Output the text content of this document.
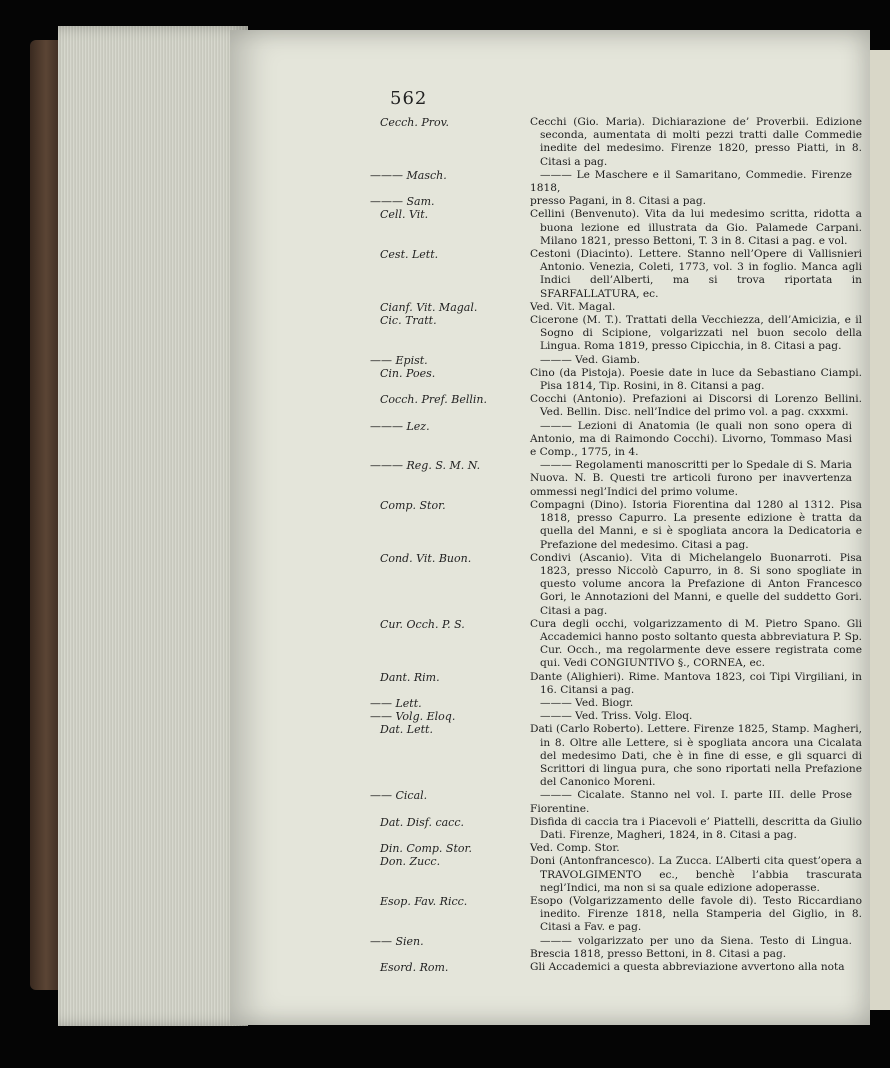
562
Cecch. Prov.	Cecchi (Gio. Maria). Dichiarazione de’ Proverbii. Edizione seconda, aumentata di molti pezzi tratti dalle Commedie inedite del medesimo. Firenze 1820, presso Piatti, in 8. Citasi a pag.
——— Masch.	——— Le Maschere e il Samaritano, Commedie. Firenze 1818,
——— Sam.	presso Pagani, in 8. Citasi a pag.
Cell. Vit.	Cellini (Benvenuto). Vita da lui medesimo scritta, ridotta a buona lezione ed illustrata da Gio. Palamede Carpani. Milano 1821, presso Bettoni, T. 3 in 8. Citasi a pag. e vol.
Cest. Lett.	Cestoni (Diacinto). Lettere. Stanno nell’Opere di Vallisnieri Antonio. Venezia, Coleti, 1773, vol. 3 in foglio. Manca agli Indici dell’Alberti, ma si trova riportata in SFARFALLATURA, ec.
Cianf. Vit. Magal.	Ved. Vit. Magal.
Cic. Tratt.	Cicerone (M. T.). Trattati della Vecchiezza, dell’Amicizia, e il Sogno di Scipione, volgarizzati nel buon secolo della Lingua. Roma 1819, presso Cipicchia, in 8. Citasi a pag.
—— Epist.	——— Ved. Giamb.
Cin. Poes.	Cino (da Pistoja). Poesie date in luce da Sebastiano Ciampi. Pisa 1814, Tip. Rosini, in 8. Citansi a pag.
Cocch. Pref. Bellin.	Cocchi (Antonio). Prefazioni ai Discorsi di Lorenzo Bellini. Ved. Bellin. Disc. nell’Indice del primo vol. a pag. cxxxmi.
——— Lez.	——— Lezioni di Anatomia (le quali non sono opera di Antonio, ma di Raimondo Cocchi). Livorno, Tommaso Masi e Comp., 1775, in 4.
——— Reg. S. M. N.	——— Regolamenti manoscritti per lo Spedale di S. Maria Nuova. N. B. Questi tre articoli furono per inavvertenza ommessi negl’Indici del primo volume.
Comp. Stor.	Compagni (Dino). Istoria Fiorentina dal 1280 al 1312. Pisa 1818, presso Capurro. La presente edizione è tratta da quella del Manni, e si è spogliata ancora la Dedicatoria e Prefazione del medesimo. Citasi a pag.
Cond. Vit. Buon.	Condivi (Ascanio). Vita di Michelangelo Buonarroti. Pisa 1823, presso Niccolò Capurro, in 8. Si sono spogliate in questo volume ancora la Prefazione di Anton Francesco Gori, le Annotazioni del Manni, e quelle del suddetto Gori. Citasi a pag.
Cur. Occh. P. S.	Cura degli occhi, volgarizzamento di M. Pietro Spano. Gli Accademici hanno posto soltanto questa abbreviatura P. Sp. Cur. Occh., ma regolarmente deve essere registrata come qui. Vedi CONGIUNTIVO §., CORNEA, ec.
Dant. Rim.	Dante (Alighieri). Rime. Mantova 1823, coi Tipi Virgiliani, in 16. Citansi a pag.
—— Lett.	——— Ved. Biogr.
—— Volg. Eloq.	——— Ved. Triss. Volg. Eloq.
Dat. Lett.	Dati (Carlo Roberto). Lettere. Firenze 1825, Stamp. Magheri, in 8. Oltre alle Lettere, si è spogliata ancora una Cicalata del medesimo Dati, che è in fine di esse, e gli squarci di Scrittori di lingua pura, che sono riportati nella Prefazione del Canonico Moreni.
—— Cical.	——— Cicalate. Stanno nel vol. I. parte III. delle Prose Fiorentine.
Dat. Disf. cacc.	Disfida di caccia tra i Piacevoli e’ Piattelli, descritta da Giulio Dati. Firenze, Magheri, 1824, in 8. Citasi a pag.
Din. Comp. Stor.	Ved. Comp. Stor.
Don. Zucc.	Doni (Antonfrancesco). La Zucca. L’Alberti cita quest’opera a TRAVOLGIMENTO ec., benchè l’abbia trascurata negl’Indici, ma non si sa quale edizione adoperasse.
Esop. Fav. Ricc.	Esopo (Volgarizzamento delle favole di). Testo Riccardiano inedito. Firenze 1818, nella Stamperia del Giglio, in 8. Citasi a Fav. e pag.
—— Sien.	——— volgarizzato per uno da Siena. Testo di Lingua. Brescia 1818, presso Bettoni, in 8. Citasi a pag.
Esord. Rom.	Gli Accademici a questa abbreviazione avvertono alla nota
